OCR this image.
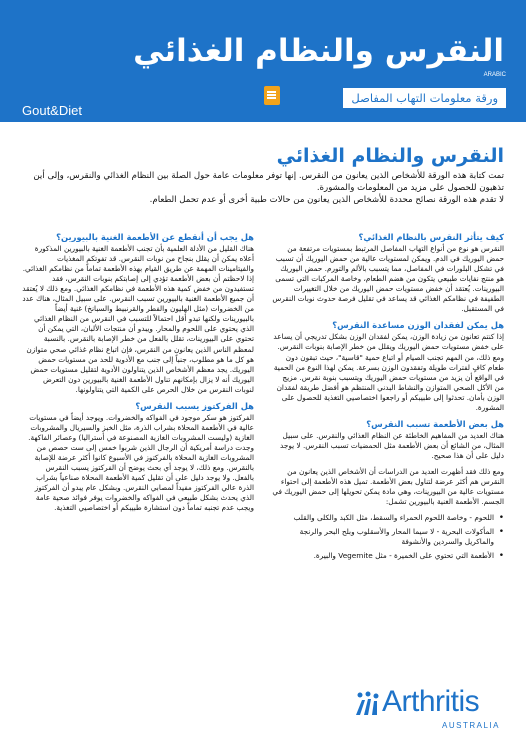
النقرس والنظام الغذائي
ARABIC
ورقة معلومات التهاب المفاصل
Gout&Diet
النقرس والنظام الغذائي

تمت كتابة هذه الورقة للأشخاص الذين يعانون من النقرس. إنها توفر معلومات عامة حول الصلة بين النظام الغذائي والنقرس، وإلى أين تذهبون للحصول على مزيد من المعلومات والمشورة.

لا تقدم هذه الورقة نصائح محددة للأشخاص الذين يعانون من حالات طبية أخرى أو عدم تحمل الطعام.

كيف يتأثر النقرس بالنظام الغذائي؟

النقرس هو نوع من أنواع التهاب المفاصل المرتبط بمستويات مرتفعة من حمض اليوريك في الدم. ويمكن لمستويات عالية من حمض اليوريك أن تسبب في تشكل البلورات في المفاصل، مما يتسبب بالألم والتورم. حمض اليوريك هو منتج نفايات طبيعي يتكون من هضم الطعام، وخاصة المركبات التي تسمى البيورينات. يُعتقد أن خفض مستويات حمض اليوريك من خلال التغييرات الطفيفة في نظامكم الغذائي قد يساعد في تقليل فرصة حدوث نوبات النقرس في المستقبل.

هل يمكن لفقدان الوزن مساعدة النقرس؟

إذا كنتم تعانون من زيادة الوزن، يمكن لفقدان الوزن بشكل تدريجي أن يساعد على خفض مستويات حمض اليوريك ويقلل من خطر الإصابة بنوبات النقرس. ومع ذلك، من المهم تجنب الصيام أو اتباع حمية "قاسية"، حيث تبقون دون طعام كافٍ لفترات طويلة وتفقدون الوزن بسرعة. يمكن لهذا النوع من الحمية في الواقع أن يزيد من مستويات حمض اليوريك ويتسبب بنوبة نقرس. مزيج من الأكل الصحي المتوازن والنشاط البدني المنتظم هو أفضل طريقة لفقدان الوزن بأمان. تحدثوا إلى طبيبكم أو راجعوا اختصاصيي التغذية للحصول على المشورة.

هل بعض الأطعمة تسبب النقرس؟

هناك العديد من المفاهيم الخاطئة عن النظام الغذائي والنقرس. على سبيل المثال، من الشائع أن بعض الأطعمة مثل الحمضيات تسبب النقرس. لا يوجد دليل على أن هذا صحيح.

ومع ذلك فقد أظهرت العديد من الدراسات أن الأشخاص الذين يعانون من النقرس هم أكثر عرضة لتناول بعض الأطعمة. تميل هذه الأطعمة إلى احتواء مستويات عالية من البيورينات، وهي مادة يمكن تحويلها إلى حمض اليوريك في الجسم. الأطعمة الغنية بالبيورين تشمل:

• اللحوم - وخاصة اللحوم الحمراء والسقط، مثل الكبد والكلى والقلب
• المأكولات البحرية - لا سيما المحار والأسقلوب وبلح البحر والرنجة والماكريل والسردين والأنشوفة
• الأطعمة التي تحتوي على الخميرة - مثل Vegemite والبيرة.
هل يجب أن أنقطع عن الأطعمة الغنية بالبيورين؟

هناك القليل من الأدلة العلمية بأن تجنب الأطعمة الغنية بالبيورين المذكورة أعلاه يمكن أن يقلل بنجاح من نوبات النقرس. قد تفوتكم المغذيات والفيتامينات المهمة عن طريق القيام بهذه الأطعمة تماماً من نظامكم الغذائي. إذا لاحظتم أن بعض الأطعمة تؤدي إلى إصابتكم بنوبات النقرس، فقد تستفيدون من خفض كمية هذه الأطعمة في نظامكم الغذائي. ومع ذلك لا يُعتقد أن جميع الأطعمة الغنية بالبيورين تسبب النقرس. على سبيل المثال، هناك عدد من الخضروات (مثل الهليون والفطر والقرنبيط والسبانخ) غنية أيضاً بالبيورينات ولكنها تبدو أقل احتمالاً للتسبب في النقرس من النظام الغذائي الذي يحتوي على اللحوم والمحار. ويبدو أن منتجات الألبان، التي يمكن أن تحتوي على البيورينات، تقلل بالفعل من خطر الإصابة بالنقرس. بالنسبة لمعظم الناس الذين يعانون من النقرس، فإن اتباع نظام غذائي صحي متوازن هو كل ما هو مطلوب، جنباً إلى جنب مع الأدوية للحد من مستويات حمض اليوريك. يجد معظم الأشخاص الذين يتناولون الأدوية لتقليل مستويات حمض اليوريك أنه لا يزال بإمكانهم تناول الأطعمة الغنية بالبيورين دون التعرض لنوبات النقرس من خلال الحرص على الكمية التي يتناولونها.

هل الفركتوز يسبب النقرس؟

الفركتوز هو سكر موجود في الفواكه والخضروات. ويوجد أيضاً في مستويات عالية في الأطعمة المحلاة بشراب الذرة، مثل الخبز والسيريال والمشروبات الغازية (وليست المشروبات الغازية المصنوعة في أستراليا) وعصائر الفاكهة. وجدت دراسة أمريكية أن الرجال الذين شربوا خمس إلى ست حصص من المشروبات الغازية المحلاة بالفركتوز في الأسبوع كانوا أكثر عرضة للإصابة بالنقرس. ومع ذلك، لا يوجد أي بحث يوضح أن الفركتوز يسبب النقرس بالفعل. ولا يوجد دليل على أن تقليل كمية الأطعمة المحلاة صناعياً بشراب الذرة عالي الفركتوز مفيداً لمصابي النقرس. وبشكل عام يبدو أن الفركتوز الذي يحدث بشكل طبيعي في الفواكه والخضروات يوفر فوائد صحية عامة ويجب عدم تجنبه تماماً دون استشارة طبيبكم أو اختصاصيي التغذية.

Arthritis
AUSTRALIA
